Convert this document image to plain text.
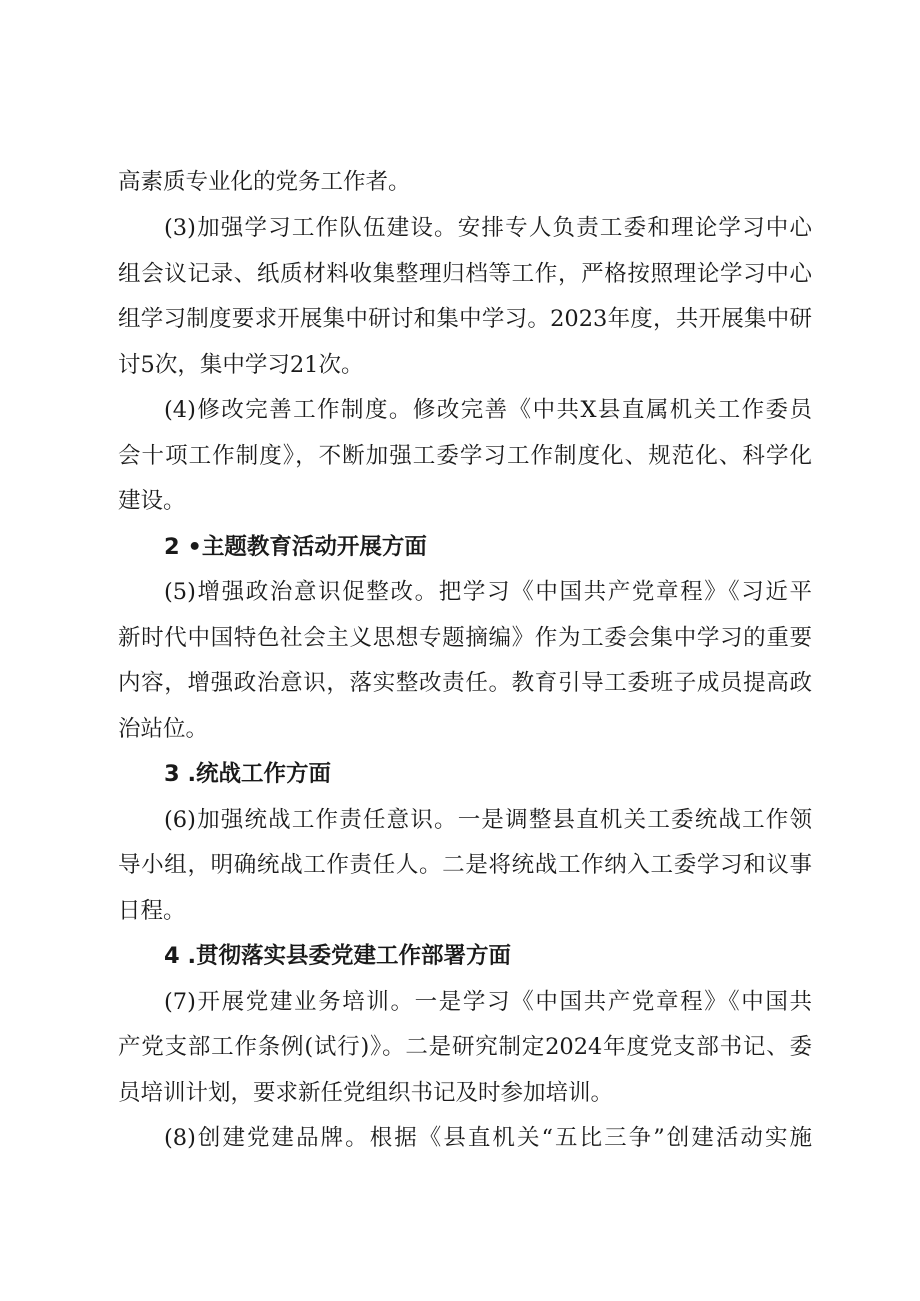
高素质专业化的党务工作者。
(3)加强学习工作队伍建设。安排专人负责工委和理论学习中心
组会议记录、纸质材料收集整理归档等工作，严格按照理论学习中心
组学习制度要求开展集中研讨和集中学习。2023年度，共开展集中研
讨5次，集中学习21次。
(4)修改完善工作制度。修改完善《中共X县直属机关工作委员
会十项工作制度》，不断加强工委学习工作制度化、规范化、科学化
建设。
2 •主题教育活动开展方面
(5)增强政治意识促整改。把学习《中国共产党章程》《习近平
新时代中国特色社会主义思想专题摘编》作为工委会集中学习的重要
内容，增强政治意识，落实整改责任。教育引导工委班子成员提高政
治站位。
3 .统战工作方面
(6)加强统战工作责任意识。一是调整县直机关工委统战工作领
导小组，明确统战工作责任人。二是将统战工作纳入工委学习和议事
日程。
4 .贯彻落实县委党建工作部署方面
(7)开展党建业务培训。一是学习《中国共产党章程》《中国共
产党支部工作条例(试行)》。二是研究制定2024年度党支部书记、委
员培训计划，要求新任党组织书记及时参加培训。
(8)创建党建品牌。根据《县直机关“五比三争”创建活动实施
